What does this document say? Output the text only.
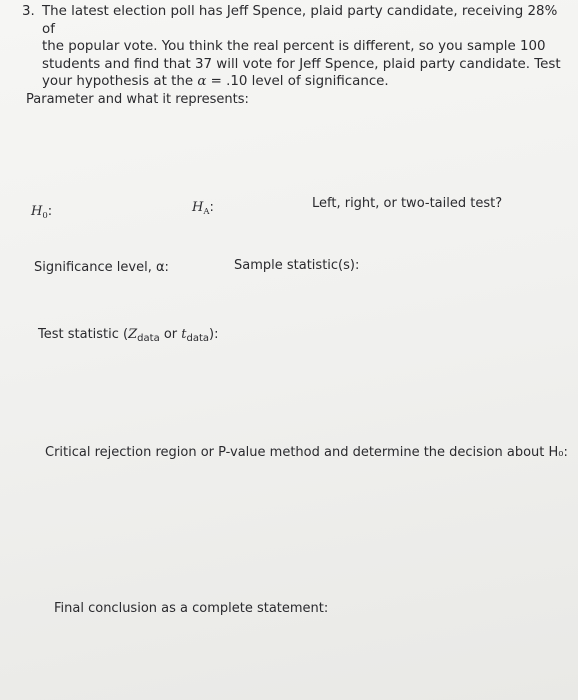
3. The latest election poll has Jeff Spence, plaid party candidate, receiving 28% of
the popular vote. You think the real percent is different, so you sample 100
students and find that 37 will vote for Jeff Spence, plaid party candidate. Test
your hypothesis at the α = .10 level of significance.
Parameter and what it represents:
$H_0$:	$H_A$:	Left, right, or two-tailed test?
Significance level, α:	Sample statistic(s):
Test statistic ($Z_{data}$ or $t_{data}$):
Critical rejection region or P-value method and determine the decision about H₀:
Final conclusion as a complete statement:
